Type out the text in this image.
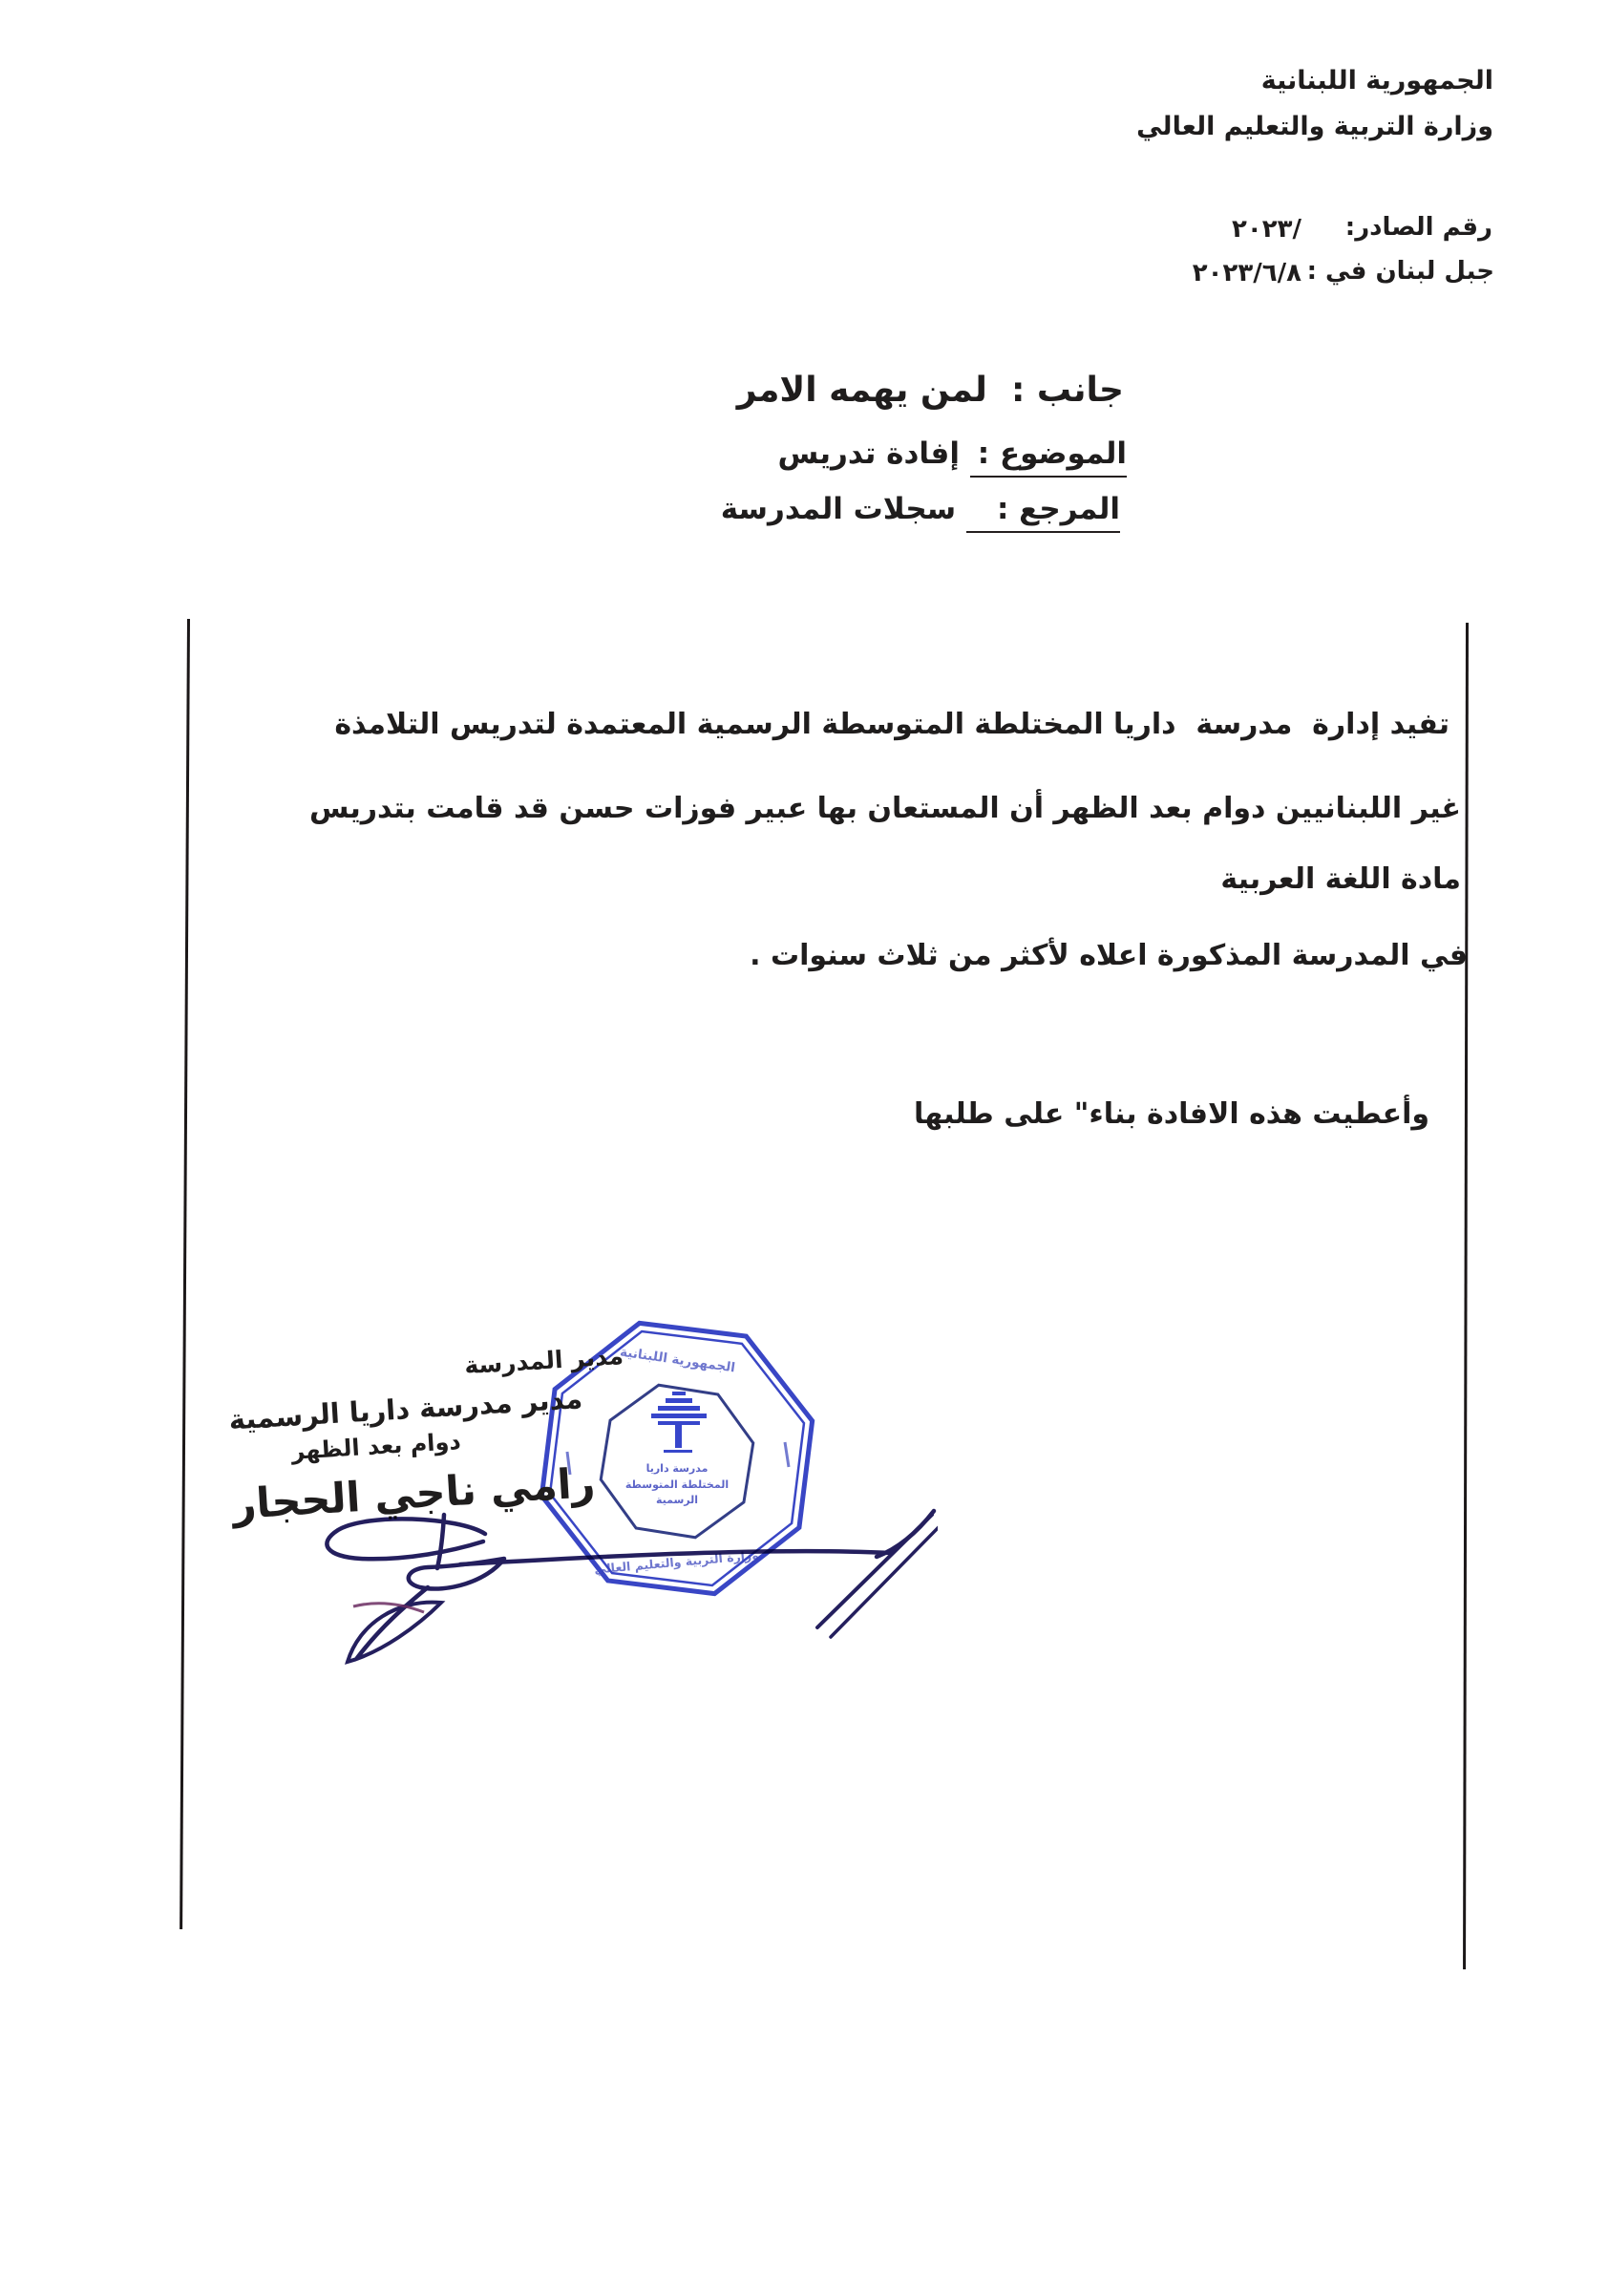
الجمهورية اللبنانية
وزارة التربية والتعليم العالي
رقم الصادر:
٢٠٢٣/
جبل لبنان في :
٢٠٢٣/٦/٨
جانب :  لمن يهمه الامر
الموضوع : إفادة تدريس
المرجع : سجلات المدرسة
تفيد إدارة  مدرسة  داريا المختلطة المتوسطة الرسمية المعتمدة لتدريس التلامذة
غير اللبنانيين دوام بعد الظهر أن المستعان بها عبير فوزات حسن قد قامت بتدريس
مادة اللغة العربية
في المدرسة المذكورة اعلاه لأكثر من ثلاث سنوات .
وأعطيت هذه الافادة بناء" على طلبها
مدرسة داريا
المختلطة المتوسطة
الرسمية
الجمهورية اللبنانية
وزارة التربية والتعليم العالي
مدير المدرسة
مدير مدرسة داريا الرسمية
دوام بعد الظهر
رامي ناجي الحجار
